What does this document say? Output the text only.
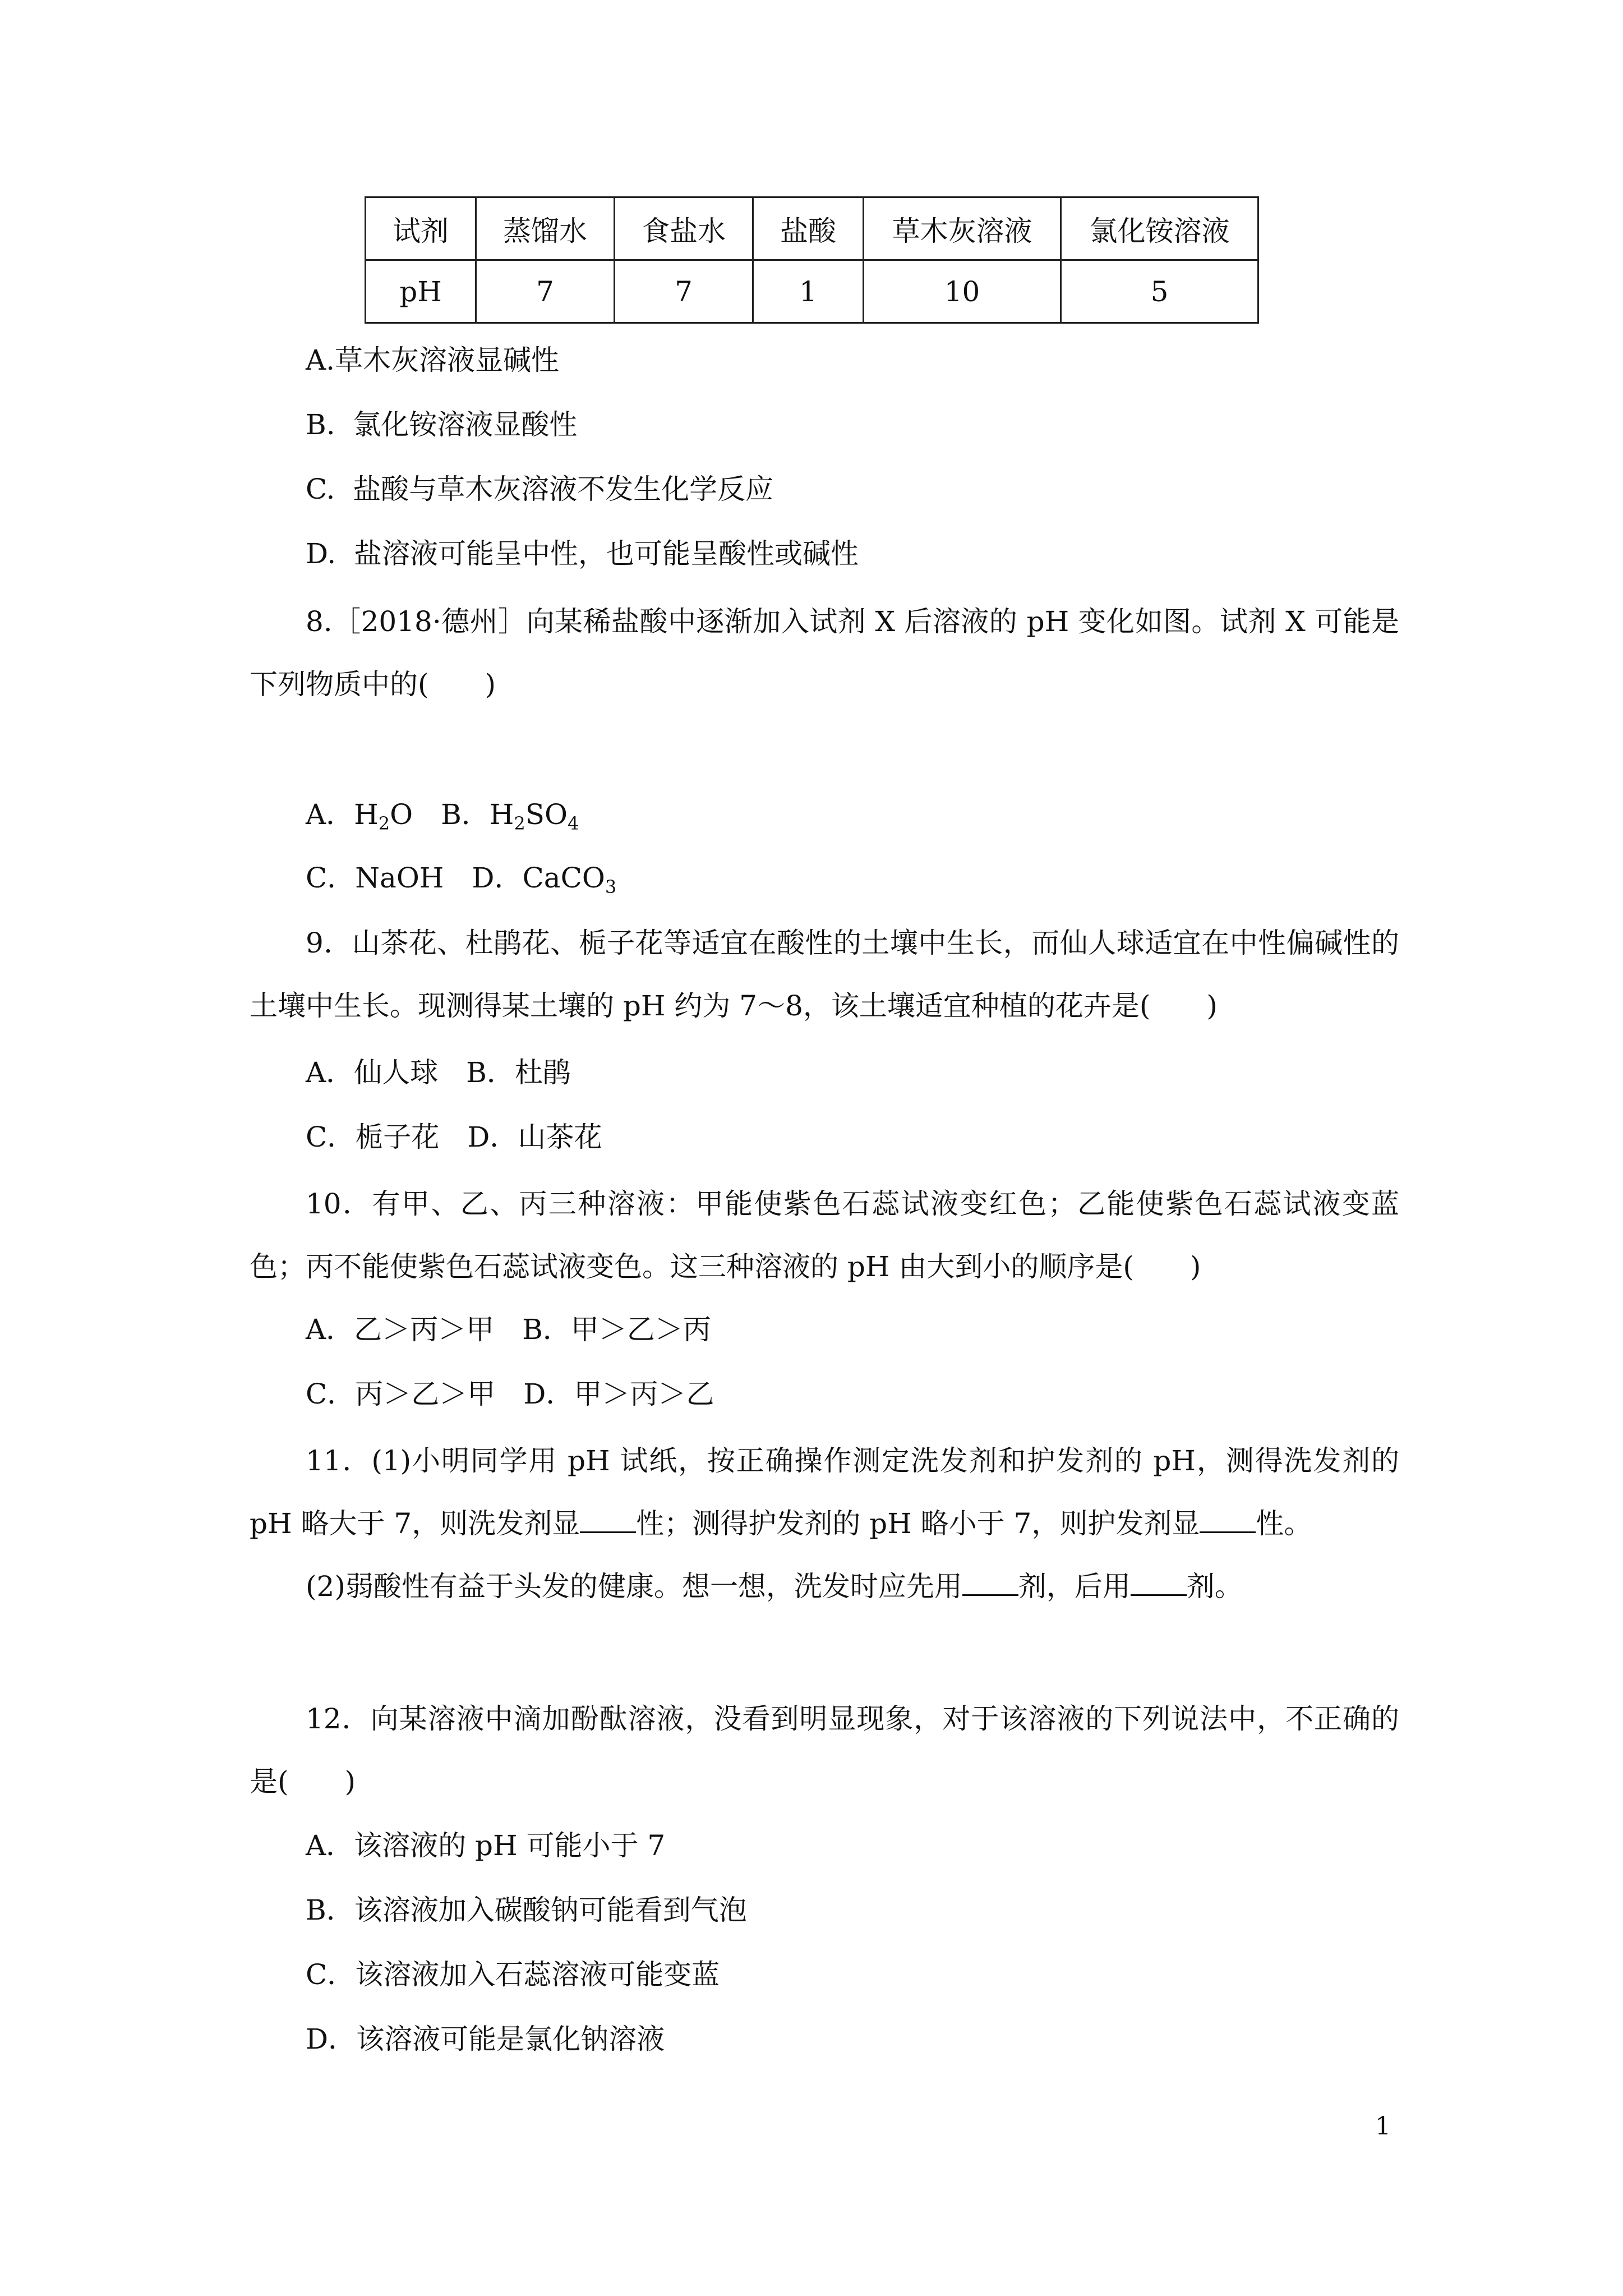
试剂	蒸馏水	食盐水	盐酸	草木灰溶液	氯化铵溶液
pH	7	7	1	10	5
A.草木灰溶液显碱性
B.  氯化铵溶液显酸性
C.  盐酸与草木灰溶液不发生化学反应
D.  盐溶液可能呈中性，也可能呈酸性或碱性
8.［2018·德州］向某稀盐酸中逐渐加入试剂 X 后溶液的 pH 变化如图。试剂 X 可能是下列物质中的(　　)
A．$H_2O$　B．$H_2SO_4$
C．NaOH　D．CaCO$_3$
9．山茶花、杜鹃花、栀子花等适宜在酸性的土壤中生长，而仙人球适宜在中性偏碱性的土壤中生长。现测得某土壤的 pH 约为 7～8，该土壤适宜种植的花卉是(　　)
A．仙人球　B．杜鹃
C．栀子花　D．山茶花
10．有甲、乙、丙三种溶液：甲能使紫色石蕊试液变红色；乙能使紫色石蕊试液变蓝色；丙不能使紫色石蕊试液变色。这三种溶液的 pH 由大到小的顺序是(　　)
A．乙＞丙＞甲　B．甲＞乙＞丙
C．丙＞乙＞甲　D．甲＞丙＞乙
11．(1)小明同学用 pH 试纸，按正确操作测定洗发剂和护发剂的 pH，测得洗发剂的 pH 略大于 7，则洗发剂显 性；测得护发剂的 pH 略小于 7，则护发剂显 性。
(2)弱酸性有益于头发的健康。想一想，洗发时应先用 剂，后用 剂。
12．向某溶液中滴加酚酞溶液，没看到明显现象，对于该溶液的下列说法中，不正确的是(　　)
A．该溶液的 pH 可能小于 7
B．该溶液加入碳酸钠可能看到气泡
C．该溶液加入石蕊溶液可能变蓝
D．该溶液可能是氯化钠溶液
1
